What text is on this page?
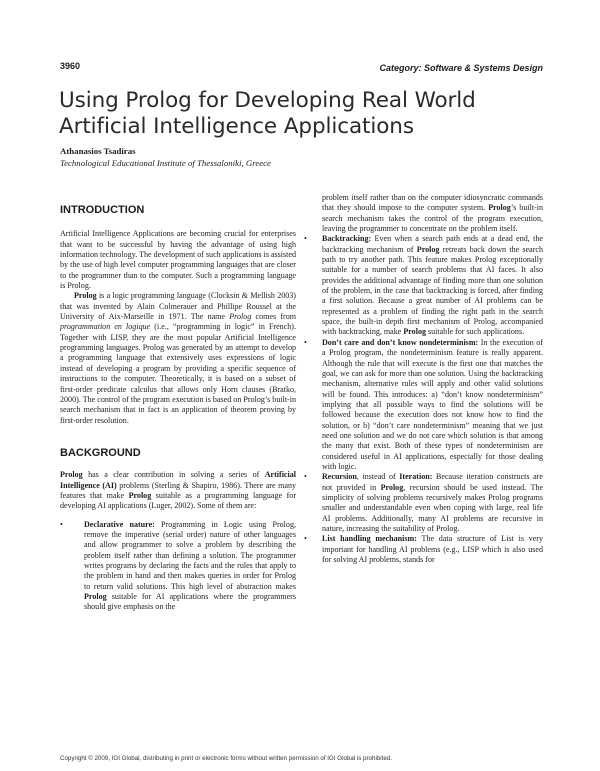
3960	Category: Software & Systems Design
Using Prolog for Developing Real World Artificial Intelligence Applications
Athanasios Tsadiras
Technological Educational Institute of Thessaloniki, Greece
INTRODUCTION

Artificial Intelligence Applications are becoming crucial for enterprises that want to be successful by having the advantage of using high information technology. The development of such applications is assisted by the use of high level computer programming languages that are closer to the programmer than to the computer. Such a programming language is Prolog.

Prolog is a logic programming language (Clocksin & Mellish 2003) that was invented by Alain Colmerauer and Phillipe Roussel at the University of Aix-Marseille in 1971. The name Prolog comes from programmation en logique (i.e., “programming in logic” in French). Together with LISP, they are the most popular Artificial Intelligence programming languages. Prolog was generated by an attempt to develop a programming language that extensively uses expressions of logic instead of developing a program by providing a specific sequence of instructions to the computer. Theoretically, it is based on a subset of first-order predicate calculus that allows only Horn clauses (Bratko, 2000). The control of the program execution is based on Prolog’s built-in search mechanism that in fact is an application of theorem proving by first-order resolution.

BACKGROUND

Prolog has a clear contribution in solving a series of Artificial Intelligence (AI) problems (Sterling & Shapiro, 1986). There are many features that make Prolog suitable as a programming language for developing AI applications (Luger, 2002). Some of them are:

• Declarative nature: Programming in Logic using Prolog, remove the imperative (serial order) nature of other languages and allow programmer to solve a problem by describing the problem itself rather than defining a solution. The programmer writes programs by declaring the facts and the rules that apply to the problem in hand and then makes queries in order for Prolog to return valid solutions. This high level of abstraction makes Prolog suitable for AI applications where the programmers should give emphasis on the

problem itself rather than on the computer idiosyncratic commands that they should impose to the computer system. Prolog’s built-in search mechanism takes the control of the program execution, leaving the programmer to concentrate on the problem itself.

• Backtracking: Even when a search path ends at a dead end, the backtracking mechanism of Prolog retreats back down the search path to try another path. This feature makes Prolog exceptionally suitable for a number of search problems that AI faces. It also provides the additional advantage of finding more than one solution of the problem, in the case that backtracking is forced, after finding a first solution. Because a great number of AI problems can be represented as a problem of finding the right path in the search space, the built-in depth first mechanism of Prolog, accompanied with backtracking, make Prolog suitable for such applications.
• Don’t care and don’t know nondeterminism: In the execution of a Prolog program, the nondeterminism feature is really apparent. Although the rule that will execute is the first one that matches the goal, we can ask for more than one solution. Using the backtracking mechanism, alternative rules will apply and other valid solutions will be found. This introduces: a) “don’t know nondeterminism” implying that all possible ways to find the solutions will be followed because the execution does not know how to find the solution, or b) “don’t care nondeterminism” meaning that we just need one solution and we do not care which solution is that among the many that exist. Both of these types of nondeterminism are considered useful in AI applications, especially for those dealing with logic.
• Recursion, instead of Iteration: Because iteration constructs are not provided in Prolog, recursion should be used instead. The simplicity of solving problems recursively makes Prolog programs smaller and understandable even when coping with large, real life AI problems. Additionally, many AI problems are recursive in nature, increasing the suitability of Prolog.
• List handling mechanism: The data structure of List is very important for handling AI problems (e.g., LISP which is also used for solving AI problems, stands for
Copyright © 2009, IGI Global, distributing in print or electronic forms without written permission of IGI Global is prohibited.
